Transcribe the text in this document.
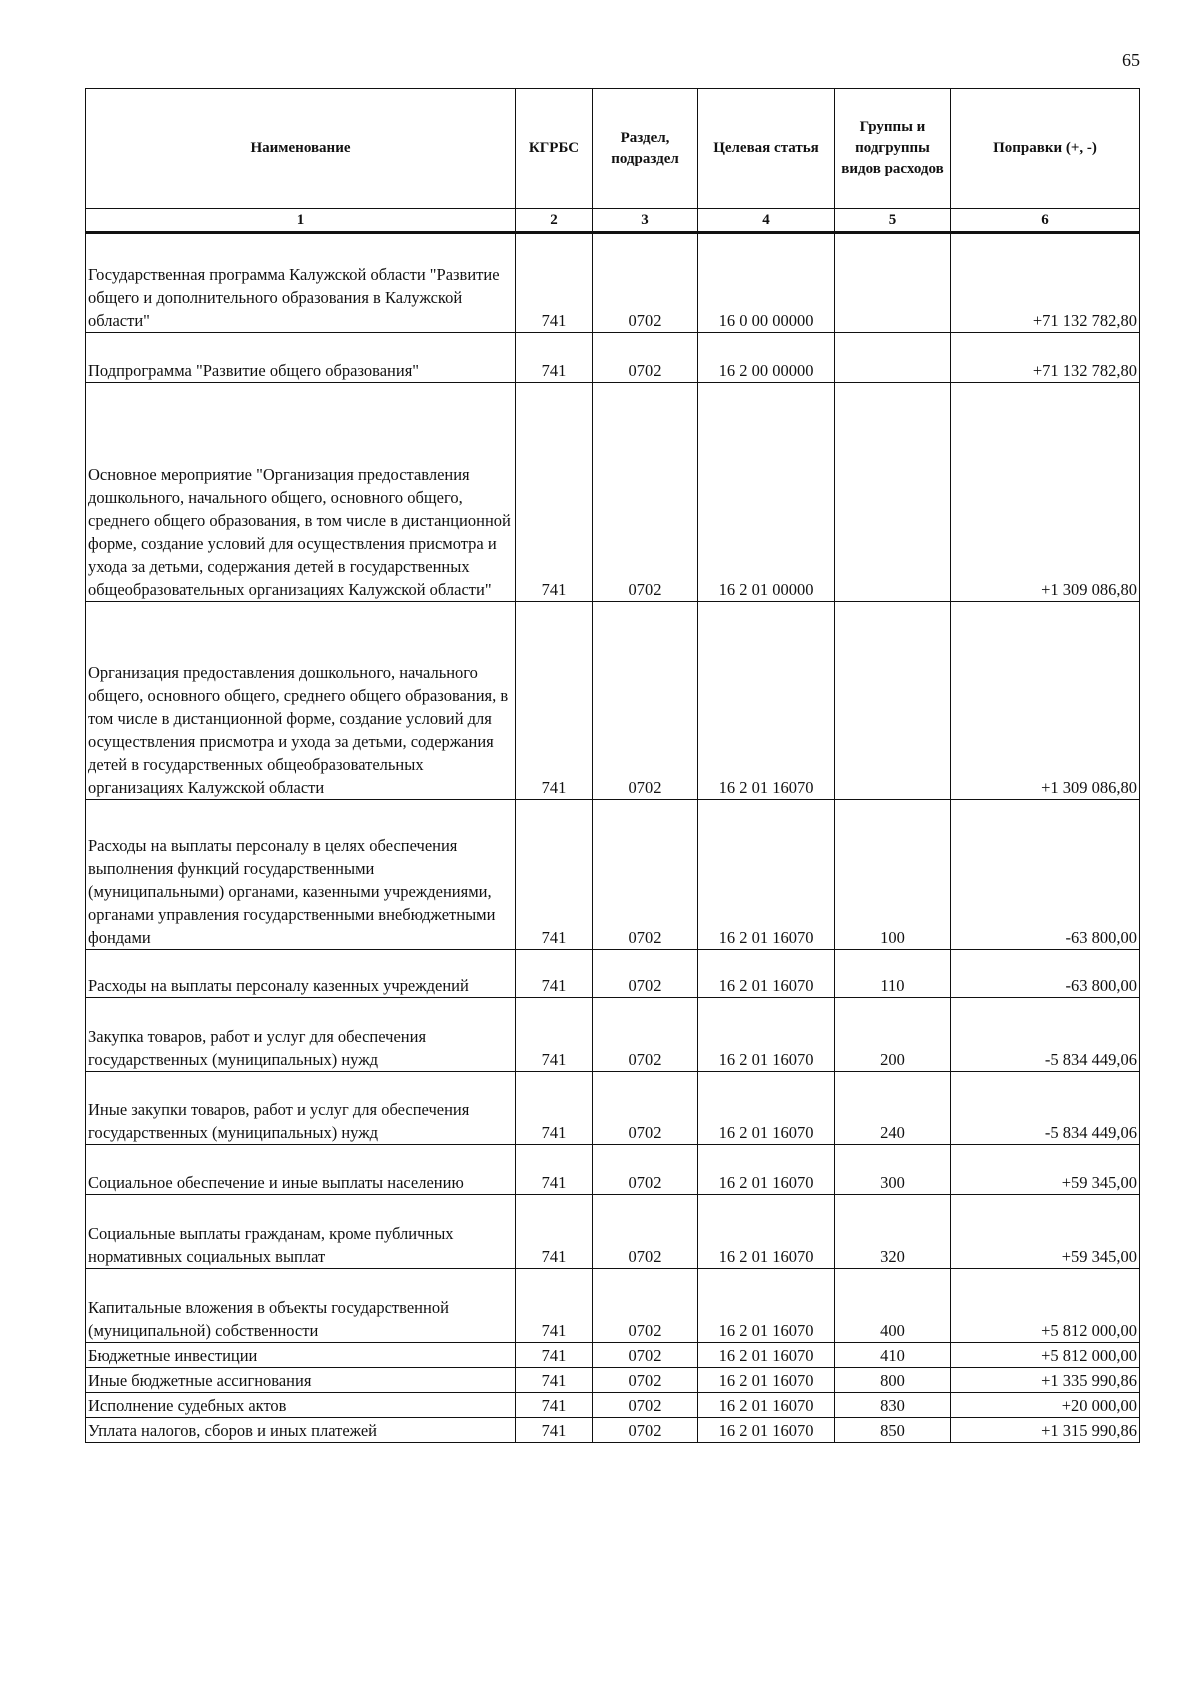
65
Наименование	КГРБС	Раздел, подраздел	Целевая статья	Группы и подгруппы видов расходов	Поправки (+, -)
1	2	3	4	5	6
Государственная программа Калужской области "Развитие общего и дополнительного образования в Калужской области"	741	0702	16 0 00 00000		+71 132 782,80
Подпрограмма "Развитие общего образования"	741	0702	16 2 00 00000		+71 132 782,80
Основное мероприятие "Организация предоставления дошкольного, начального общего, основного общего, среднего общего образования, в том числе в дистанционной форме, создание условий для осуществления присмотра и ухода за детьми, содержания детей в государственных общеобразовательных организациях Калужской области"	741	0702	16 2 01 00000		+1 309 086,80
Организация предоставления дошкольного, начального общего, основного общего, среднего общего образования, в том числе в дистанционной форме, создание условий для осуществления присмотра и ухода за детьми, содержания детей в государственных общеобразовательных организациях Калужской области	741	0702	16 2 01 16070		+1 309 086,80
Расходы на выплаты персоналу в целях обеспечения выполнения функций государственными (муниципальными) органами, казенными учреждениями, органами управления государственными внебюджетными фондами	741	0702	16 2 01 16070	100	-63 800,00
Расходы на выплаты персоналу казенных учреждений	741	0702	16 2 01 16070	110	-63 800,00
Закупка товаров, работ и услуг для обеспечения государственных (муниципальных) нужд	741	0702	16 2 01 16070	200	-5 834 449,06
Иные закупки товаров, работ и услуг для обеспечения государственных (муниципальных) нужд	741	0702	16 2 01 16070	240	-5 834 449,06
Социальное обеспечение и иные выплаты населению	741	0702	16 2 01 16070	300	+59 345,00
Социальные выплаты гражданам, кроме публичных нормативных социальных выплат	741	0702	16 2 01 16070	320	+59 345,00
Капитальные вложения в объекты государственной (муниципальной) собственности	741	0702	16 2 01 16070	400	+5 812 000,00
Бюджетные инвестиции	741	0702	16 2 01 16070	410	+5 812 000,00
Иные бюджетные ассигнования	741	0702	16 2 01 16070	800	+1 335 990,86
Исполнение судебных актов	741	0702	16 2 01 16070	830	+20 000,00
Уплата налогов, сборов и иных платежей	741	0702	16 2 01 16070	850	+1 315 990,86
